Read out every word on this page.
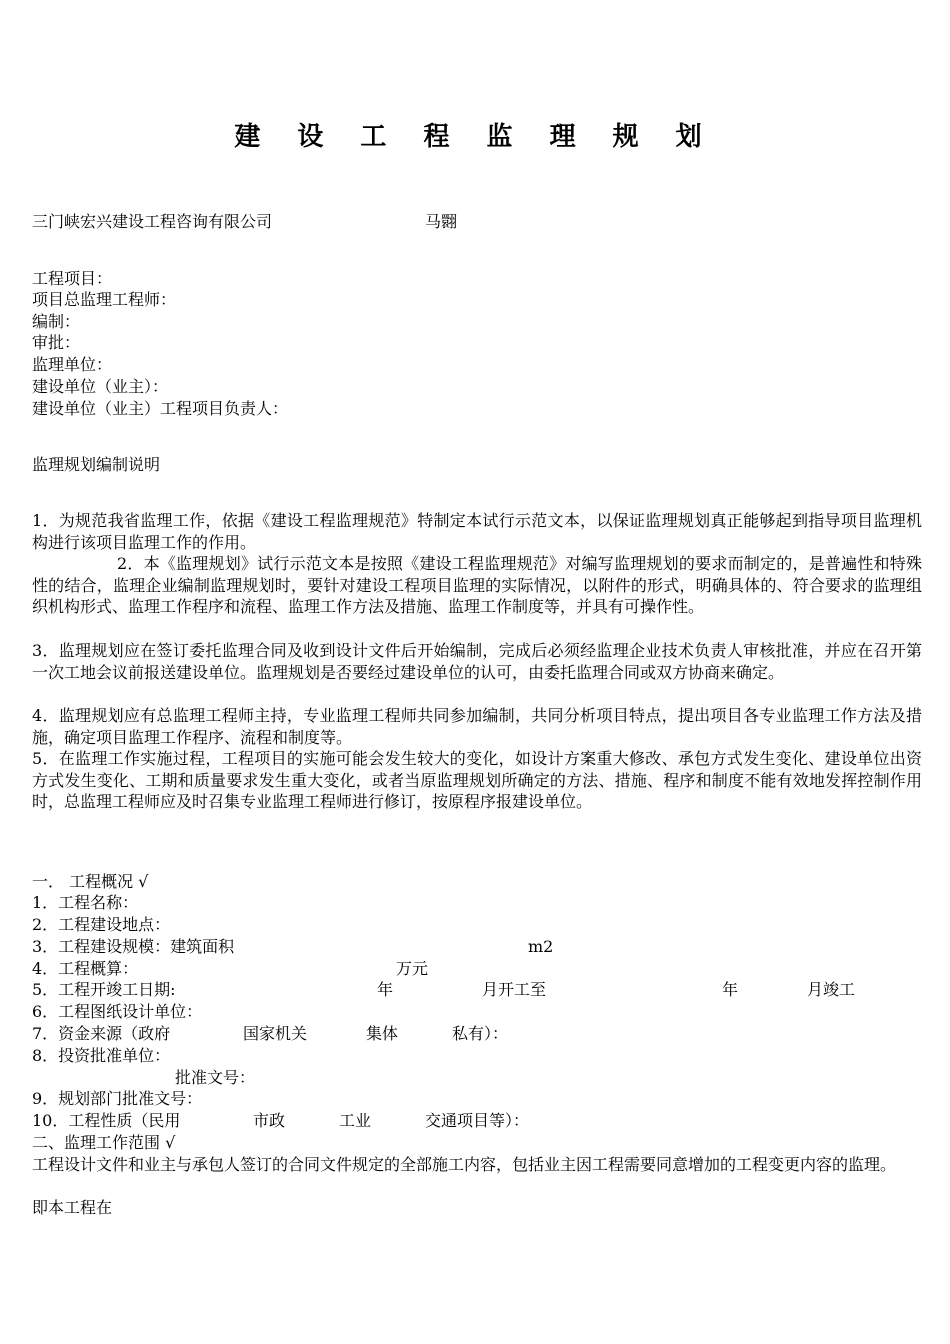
建 设 工 程 监 理 规 划
三门峡宏兴建设工程咨询有限公司	马翾
工程项目：
项目总监理工程师：
编制：
审批：
监理单位：
建设单位（业主）：
建设单位（业主）工程项目负责人：
监理规划编制说明
1．为规范我省监理工作，依据《建设工程监理规范》特制定本试行示范文本，以保证监理规划真正能够起到指导项目监理机构进行该项目监理工作的作用。
2．本《监理规划》试行示范文本是按照《建设工程监理规范》对编写监理规划的要求而制定的，是普遍性和特殊性的结合，监理企业编制监理规划时，要针对建设工程项目监理的实际情况，以附件的形式，明确具体的、符合要求的监理组织机构形式、监理工作程序和流程、监理工作方法及措施、监理工作制度等，并具有可操作性。
3．监理规划应在签订委托监理合同及收到设计文件后开始编制，完成后必须经监理企业技术负责人审核批准，并应在召开第一次工地会议前报送建设单位。监理规划是否要经过建设单位的认可，由委托监理合同或双方协商来确定。
4．监理规划应有总监理工程师主持，专业监理工程师共同参加编制，共同分析项目特点，提出项目各专业监理工作方法及措施，确定项目监理工作程序、流程和制度等。
5．在监理工作实施过程，工程项目的实施可能会发生较大的变化，如设计方案重大修改、承包方式发生变化、建设单位出资方式发生变化、工期和质量要求发生重大变化，或者当原监理规划所确定的方法、措施、程序和制度不能有效地发挥控制作用时，总监理工程师应及时召集专业监理工程师进行修订，按原程序报建设单位。
一． 工程概况 √
1．工程名称：
2．工程建设地点：
3．工程建设规模：建筑面积	m2
4．工程概算：	万元
5．工程开竣工日期:	年	月开工至	年	月竣工
6．工程图纸设计单位：
7．资金来源（政府	国家机关	集体	私有）：
8．投资批准单位：
批准文号：
9．规划部门批准文号：
10．工程性质（民用	市政	工业	交通项目等）：
二、监理工作范围 √
工程设计文件和业主与承包人签订的合同文件规定的全部施工内容，包括业主因工程需要同意增加的工程变更内容的监理。
即本工程在
